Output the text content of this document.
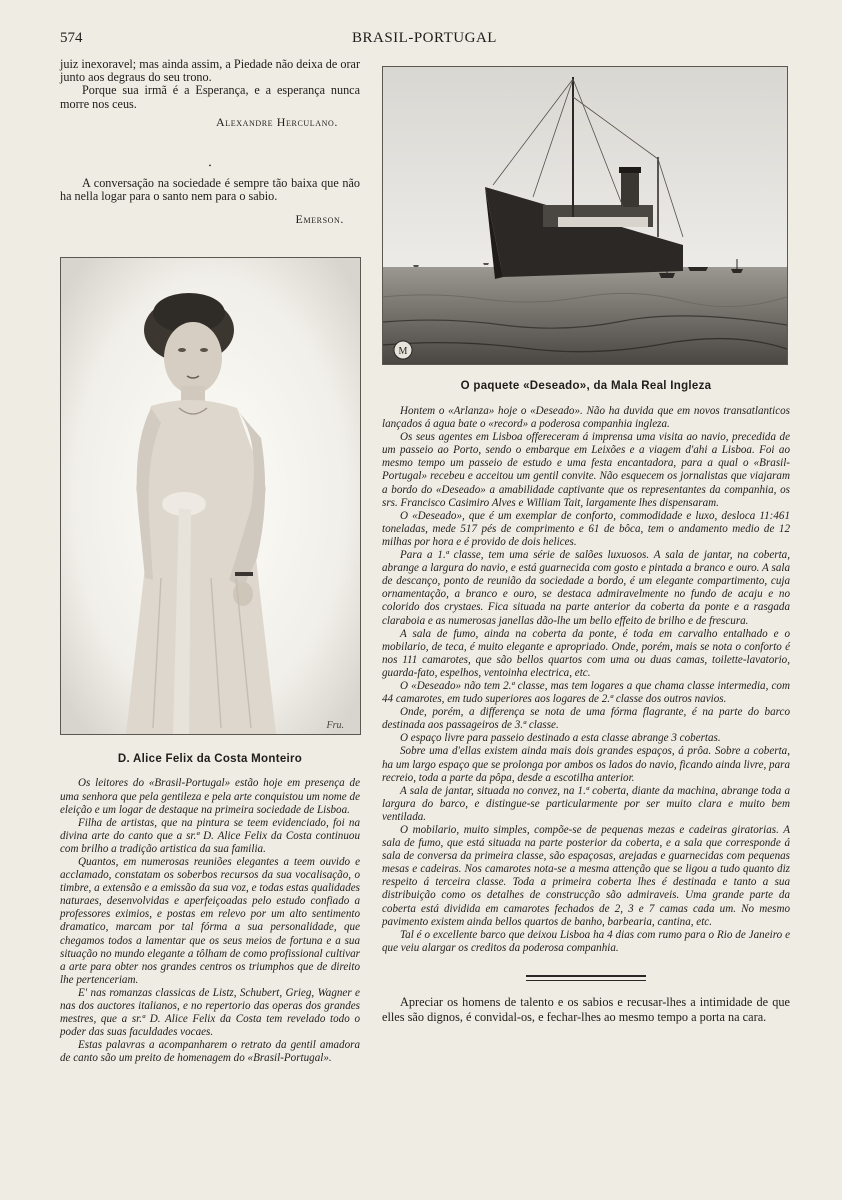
574	BRASIL-PORTUGAL

juiz inexoravel; mas ainda assim, a Piedade não deixa de orar junto aos degraus do seu trono.

Porque sua irmã é a Esperança, e a esperança nunca morre nos ceus.

Alexandre Herculano.

•

A conversação na sociedade é sempre tão baixa que não ha nella logar para o santo nem para o sabio.

Emerson.
Fru.
D. Alice Felix da Costa Monteiro

Os leitores do «Brasil-Portugal» estão hoje em presença de uma senhora que pela gentileza e pela arte conquistou um nome de eleição e um logar de destaque na primeira sociedade de Lisboa.

Filha de artistas, que na pintura se teem evidenciado, foi na divina arte do canto que a sr.ª D. Alice Felix da Costa continuou com brilho a tradição artistica da sua familia.

Quantos, em numerosas reuniões elegantes a teem ouvido e acclamado, constatam os soberbos recursos da sua vocalisação, o timbre, a extensão e a emissão da sua voz, e todas estas qualidades naturaes, desenvolvidas e aperfeiçoadas pelo estudo confiado a professores eximios, e postas em relevo por um alto sentimento dramatico, marcam por tal fórma a sua personalidade, que chegamos todos a lamentar que os seus meios de fortuna e a sua situação no mundo elegante a tôlham de como profissional cultivar a arte para obter nos grandes centros os triumphos que de direito lhe pertenceriam.

E' nas romanzas classicas de Listz, Schubert, Grieg, Wagner e nas dos auctores italianos, e no repertorio das operas dos grandes mestres, que a sr.ª D. Alice Felix da Costa tem revelado todo o poder das suas faculdades vocaes.

Estas palavras a acompanharem o retrato da gentil amadora de canto são um preito de homenagem do «Brasil-Portugal».

M
O paquete «Deseado», da Mala Real Ingleza

Hontem o «Arlanza» hoje o «Deseado». Não ha duvida que em novos transatlanticos lançados á agua bate o «record» a poderosa companhia ingleza.

Os seus agentes em Lisboa offereceram á imprensa uma visita ao navio, precedida de um passeio ao Porto, sendo o embarque em Leixões e a viagem d'ahi a Lisboa. Foi ao mesmo tempo um passeio de estudo e uma festa encantadora, para a qual o «Brasil-Portugal» recebeu e acceitou um gentil convite. Não esquecem os jornalistas que viajaram a bordo do «Deseado» a amabilidade captivante que os representantes da companhia, os srs. Francisco Casimiro Alves e William Tait, largamente lhes dispensaram.

O «Deseado», que é um exemplar de conforto, commodidade e luxo, desloca 11:461 toneladas, mede 517 pés de comprimento e 61 de bôca, tem o andamento medio de 12 milhas por hora e é provido de dois helices.

Para a 1.ª classe, tem uma série de salões luxuosos. A sala de jantar, na coberta, abrange a largura do navio, e está guarnecida com gosto e pintada a branco e ouro. A sala de descanço, ponto de reunião da sociedade a bordo, é um elegante compartimento, cuja ornamentação, a branco e ouro, se destaca admiravelmente no fundo de acaju e no colorido dos crystaes. Fica situada na parte anterior da coberta da ponte e a rasgada claraboia e as numerosas janellas dão-lhe um bello effeito de brilho e de frescura.

A sala de fumo, ainda na coberta da ponte, é toda em carvalho entalhado e o mobilario, de teca, é muito elegante e apropriado. Onde, porém, mais se nota o conforto é nos 111 camarotes, que são bellos quartos com uma ou duas camas, toilette-lavatorio, guarda-fato, espelhos, ventoinha electrica, etc.

O «Deseado» não tem 2.ª classe, mas tem logares a que chama classe intermedia, com 44 camarotes, em tudo superiores aos logares de 2.ª classe dos outros navios.

Onde, porém, a differença se nota de uma fórma flagrante, é na parte do barco destinada aos passageiros de 3.ª classe.

O espaço livre para passeio destinado a esta classe abrange 3 cobertas.

Sobre uma d'ellas existem ainda mais dois grandes espaços, á prôa. Sobre a coberta, ha um largo espaço que se prolonga por ambos os lados do navio, ficando ainda livre, para recreio, toda a parte da pôpa, desde a escotilha anterior.

A sala de jantar, situada no convez, na 1.ª coberta, diante da machina, abrange toda a largura do barco, e distingue-se particularmente por ser muito clara e muito bem ventilada.

O mobilario, muito simples, compõe-se de pequenas mezas e cadeiras giratorias. A sala de fumo, que está situada na parte posterior da coberta, e a sala que corresponde á sala de conversa da primeira classe, são espaçosas, arejadas e guarnecidas com pequenas mesas e cadeiras. Nos camarotes nota-se a mesma attenção que se ligou a tudo quanto diz respeito á terceira classe. Toda a primeira coberta lhes é destinada e tanto a sua distribuição como os detalhes de construcção são admiraveis. Uma grande parte da coberta está dividida em camarotes fechados de 2, 3 e 7 camas cada um. No mesmo pavimento existem ainda bellos quartos de banho, barbearia, cantina, etc.

Tal é o excellente barco que deixou Lisboa ha 4 dias com rumo para o Rio de Janeiro e que veiu alargar os creditos da poderosa companhia.

Apreciar os homens de talento e os sabios e recusar-lhes a intimidade de que elles são dignos, é convidal-os, e fechar-lhes ao mesmo tempo a porta na cara.
